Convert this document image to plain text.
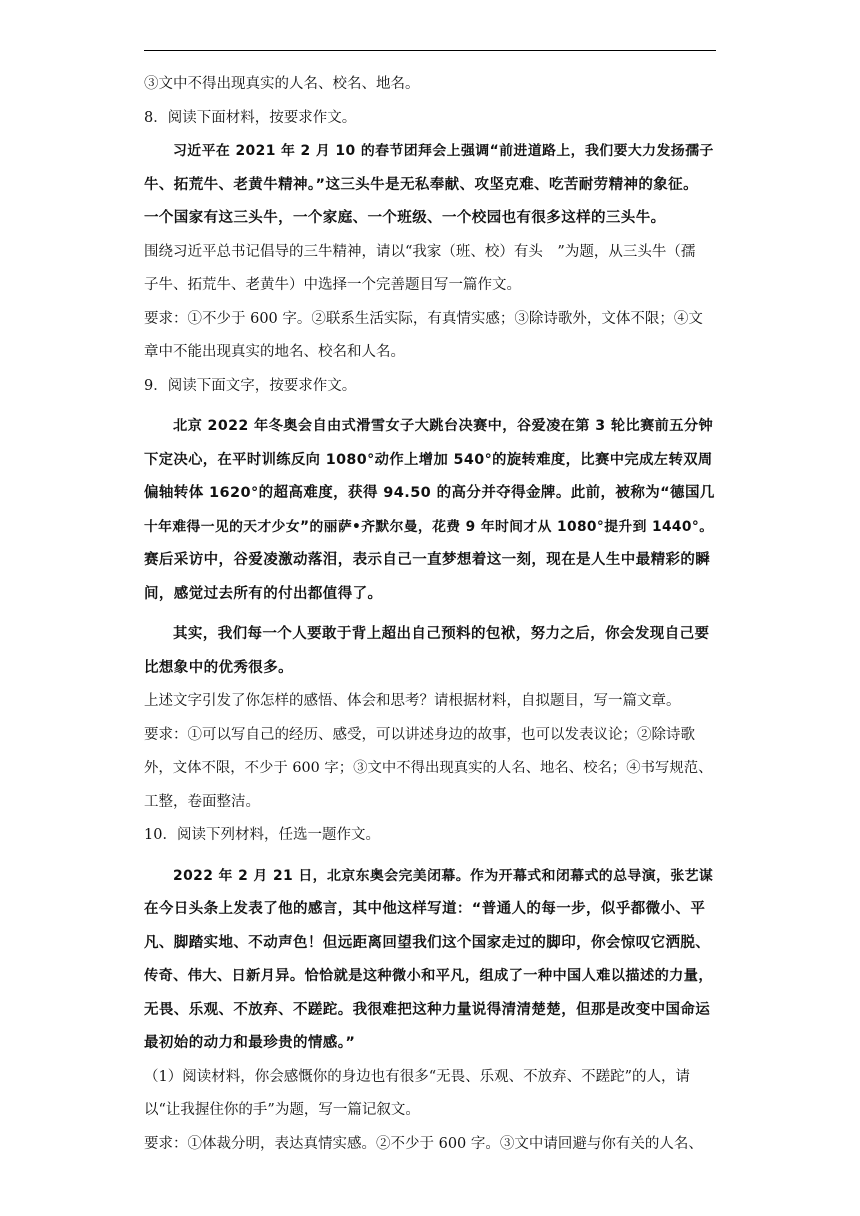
③文中不得出现真实的人名、校名、地名。
8．阅读下面材料，按要求作文。
习近平在 2021 年 2 月 10 的春节团拜会上强调“前进道路上，我们要大力发扬孺子
牛、拓荒牛、老黄牛精神。”这三头牛是无私奉献、攻坚克难、吃苦耐劳精神的象征。
一个国家有这三头牛，一个家庭、一个班级、一个校园也有很多这样的三头牛。
围绕习近平总书记倡导的三牛精神，请以“我家（班、校）有头　”为题，从三头牛（孺
子牛、拓荒牛、老黄牛）中选择一个完善题目写一篇作文。
要求：①不少于 600 字。②联系生活实际，有真情实感；③除诗歌外，文体不限；④文
章中不能出现真实的地名、校名和人名。
9．阅读下面文字，按要求作文。
北京 2022 年冬奥会自由式滑雪女子大跳台决赛中，谷爱凌在第 3 轮比赛前五分钟
下定决心，在平时训练反向 1080°动作上增加 540°的旋转难度，比赛中完成左转双周
偏轴转体 1620°的超高难度，获得 94.50 的高分并夺得金牌。此前，被称为“德国几
十年难得一见的天才少女”的丽萨•齐默尔曼，花费 9 年时间才从 1080°提升到 1440°。
赛后采访中，谷爱凌激动落泪，表示自己一直梦想着这一刻，现在是人生中最精彩的瞬
间，感觉过去所有的付出都值得了。
其实，我们每一个人要敢于背上超出自己预料的包袱，努力之后，你会发现自己要
比想象中的优秀很多。
上述文字引发了你怎样的感悟、体会和思考？请根据材料，自拟题目，写一篇文章。
要求：①可以写自己的经历、感受，可以讲述身边的故事，也可以发表议论；②除诗歌
外，文体不限，不少于 600 字；③文中不得出现真实的人名、地名、校名；④书写规范、
工整，卷面整洁。
10．阅读下列材料，任选一题作文。
2022 年 2 月 21 日，北京东奥会完美闭幕。作为开幕式和闭幕式的总导演，张艺谋
在今日头条上发表了他的感言，其中他这样写道：“普通人的每一步，似乎都微小、平
凡、脚踏实地、不动声色！但远距离回望我们这个国家走过的脚印，你会惊叹它洒脱、
传奇、伟大、日新月异。恰恰就是这种微小和平凡，组成了一种中国人难以描述的力量，
无畏、乐观、不放弃、不蹉跎。我很难把这种力量说得清清楚楚，但那是改变中国命运
最初始的动力和最珍贵的情感。”
（1）阅读材料，你会感慨你的身边也有很多“无畏、乐观、不放弃、不蹉跎”的人，请
以“让我握住你的手”为题，写一篇记叙文。
要求：①体裁分明，表达真情实感。②不少于 600 字。③文中请回避与你有关的人名、
